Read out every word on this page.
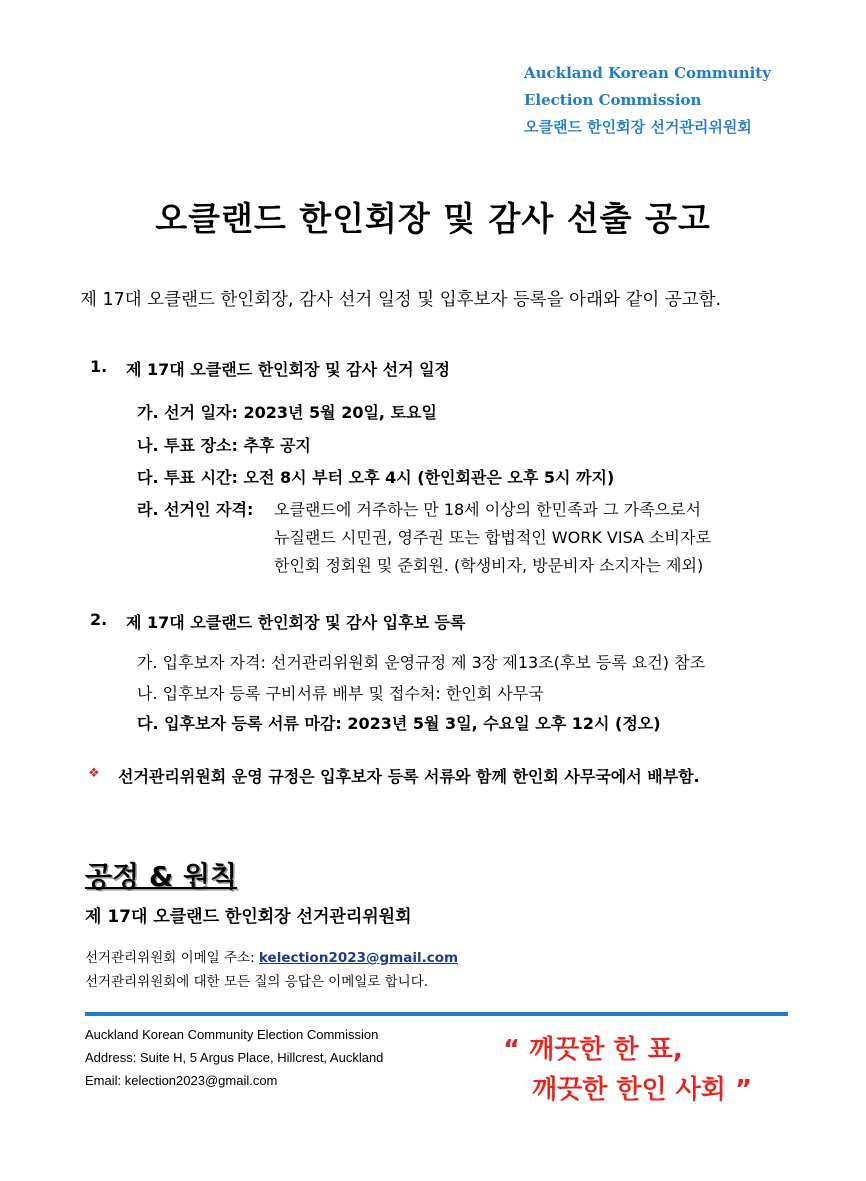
Auckland Korean Community
Election Commission
오클랜드 한인회장 선거관리위원회
오클랜드 한인회장 및 감사 선출 공고
제 17대 오클랜드 한인회장, 감사 선거 일정 및 입후보자 등록을 아래와 같이 공고함.
1. 제 17대 오클랜드 한인회장 및 감사 선거 일정
가. 선거 일자: 2023년 5월 20일, 토요일
나. 투표 장소: 추후 공지
다. 투표 시간: 오전 8시 부터 오후 4시 (한인회관은 오후 5시 까지)
라. 선거인 자격: 오클랜드에 거주하는 만 18세 이상의 한민족과 그 가족으로서
뉴질랜드 시민권, 영주권 또는 합법적인 WORK VISA 소비자로
한인회 정회원 및 준회원. (학생비자, 방문비자 소지자는 제외)
2. 제 17대 오클랜드 한인회장 및 감사 입후보 등록
가. 입후보자 자격: 선거관리위원회 운영규정 제 3장 제13조(후보 등록 요건) 참조
나. 입후보자 등록 구비서류 배부 및 접수처: 한인회 사무국
다. 입후보자 등록 서류 마감: 2023년 5월 3일, 수요일 오후 12시 (정오)
❖ 선거관리위원회 운영 규정은 입후보자 등록 서류와 함께 한인회 사무국에서 배부함.
공정 & 원칙
제 17대 오클랜드 한인회장 선거관리위원회
선거관리위원회 이메일 주소: kelection2023@gmail.com
선거관리위원회에 대한 모든 질의 응답은 이메일로 합니다.
Auckland Korean Community Election Commission
Address: Suite H, 5 Argus Place, Hillcrest, Auckland
Email: kelection2023@gmail.com
“ 깨끗한 한 표,
깨끗한 한인 사회 ”
